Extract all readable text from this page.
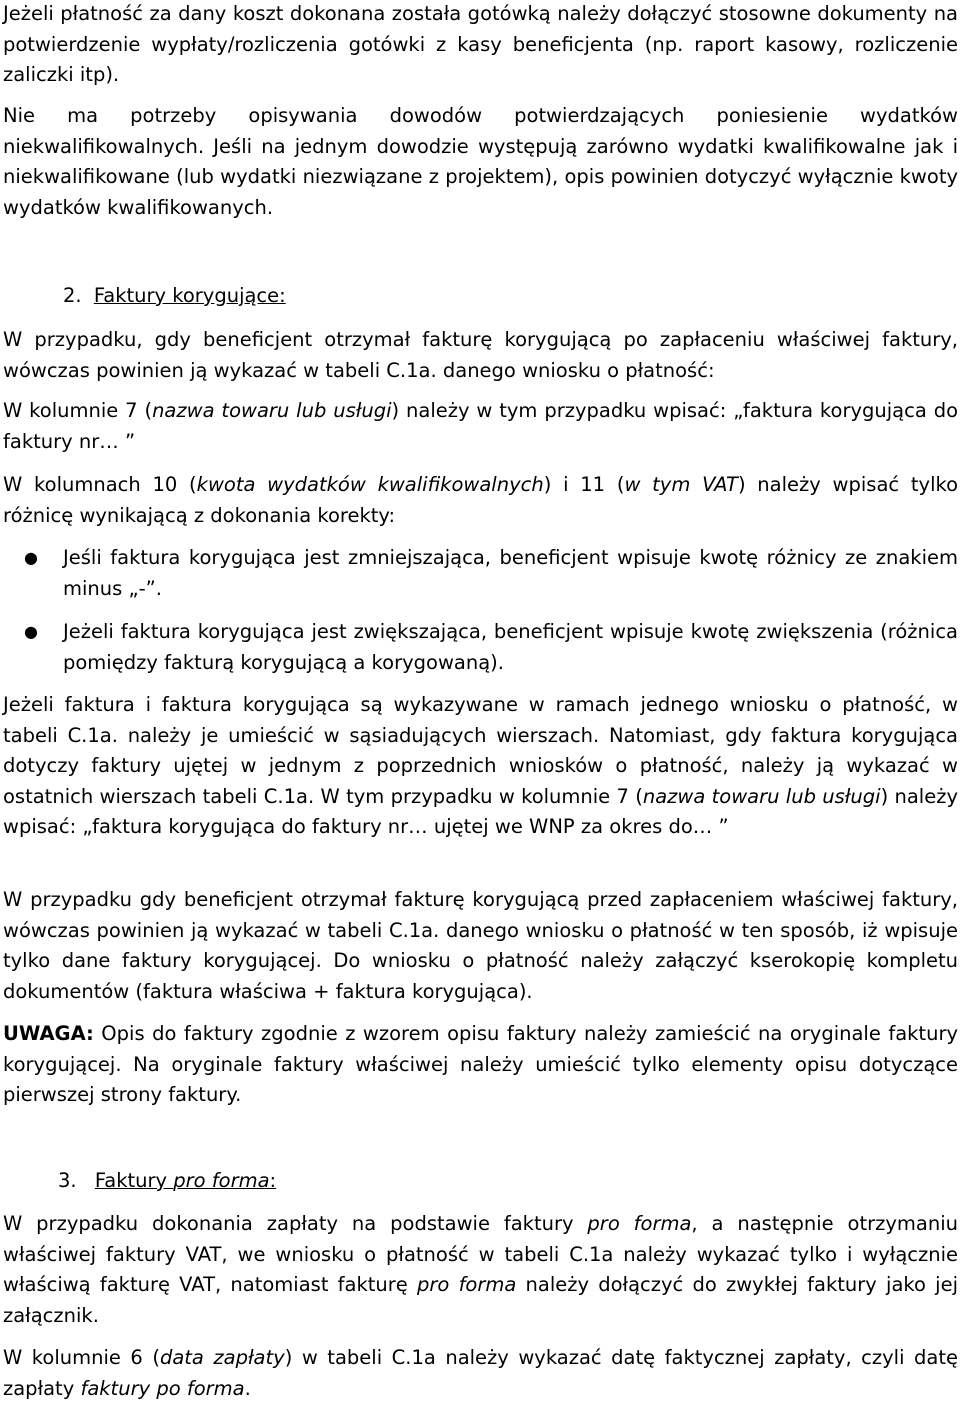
Jeżeli płatność za dany koszt dokonana została gotówką należy dołączyć stosowne dokumenty na potwierdzenie wypłaty/rozliczenia gotówki z kasy beneficjenta (np. raport kasowy, rozliczenie zaliczki itp).

Nie ma potrzeby opisywania dowodów potwierdzających poniesienie wydatków niekwalifikowalnych. Jeśli na jednym dowodzie występują zarówno wydatki kwalifikowalne jak i niekwalifikowane (lub wydatki niezwiązane z projektem), opis powinien dotyczyć wyłącznie kwoty wydatków kwalifikowanych.

2. Faktury korygujące:

W przypadku, gdy beneficjent otrzymał fakturę korygującą po zapłaceniu właściwej faktury, wówczas powinien ją wykazać w tabeli C.1a. danego wniosku o płatność:

W kolumnie 7 (nazwa towaru lub usługi) należy w tym przypadku wpisać: „faktura korygująca do faktury nr… ”

W kolumnach 10 (kwota wydatków kwalifikowalnych) i 11 (w tym VAT) należy wpisać tylko różnicę wynikającą z dokonania korekty:

● Jeśli faktura korygująca jest zmniejszająca, beneficjent wpisuje kwotę różnicy ze znakiem minus „-”.

● Jeżeli faktura korygująca jest zwiększająca, beneficjent wpisuje kwotę zwiększenia (różnica pomiędzy fakturą korygującą a korygowaną).

Jeżeli faktura i faktura korygująca są wykazywane w ramach jednego wniosku o płatność, w tabeli C.1a. należy je umieścić w sąsiadujących wierszach. Natomiast, gdy faktura korygująca dotyczy faktury ujętej w jednym z poprzednich wniosków o płatność, należy ją wykazać w ostatnich wierszach tabeli C.1a. W tym przypadku w kolumnie 7 (nazwa towaru lub usługi) należy wpisać: „faktura korygująca do faktury nr… ujętej we WNP za okres do… ”

W przypadku gdy beneficjent otrzymał fakturę korygującą przed zapłaceniem właściwej faktury, wówczas powinien ją wykazać w tabeli C.1a. danego wniosku o płatność w ten sposób, iż wpisuje tylko dane faktury korygującej. Do wniosku o płatność należy załączyć kserokopię kompletu dokumentów (faktura właściwa + faktura korygująca).

UWAGA: Opis do faktury zgodnie z wzorem opisu faktury należy zamieścić na oryginale faktury korygującej. Na oryginale faktury właściwej należy umieścić tylko elementy opisu dotyczące pierwszej strony faktury.

3. Faktury pro forma:

W przypadku dokonania zapłaty na podstawie faktury pro forma, a następnie otrzymaniu właściwej faktury VAT, we wniosku o płatność w tabeli C.1a należy wykazać tylko i wyłącznie właściwą fakturę VAT, natomiast fakturę pro forma należy dołączyć do zwykłej faktury jako jej załącznik.

W kolumnie 6 (data zapłaty) w tabeli C.1a należy wykazać datę faktycznej zapłaty, czyli datę zapłaty faktury po forma.
